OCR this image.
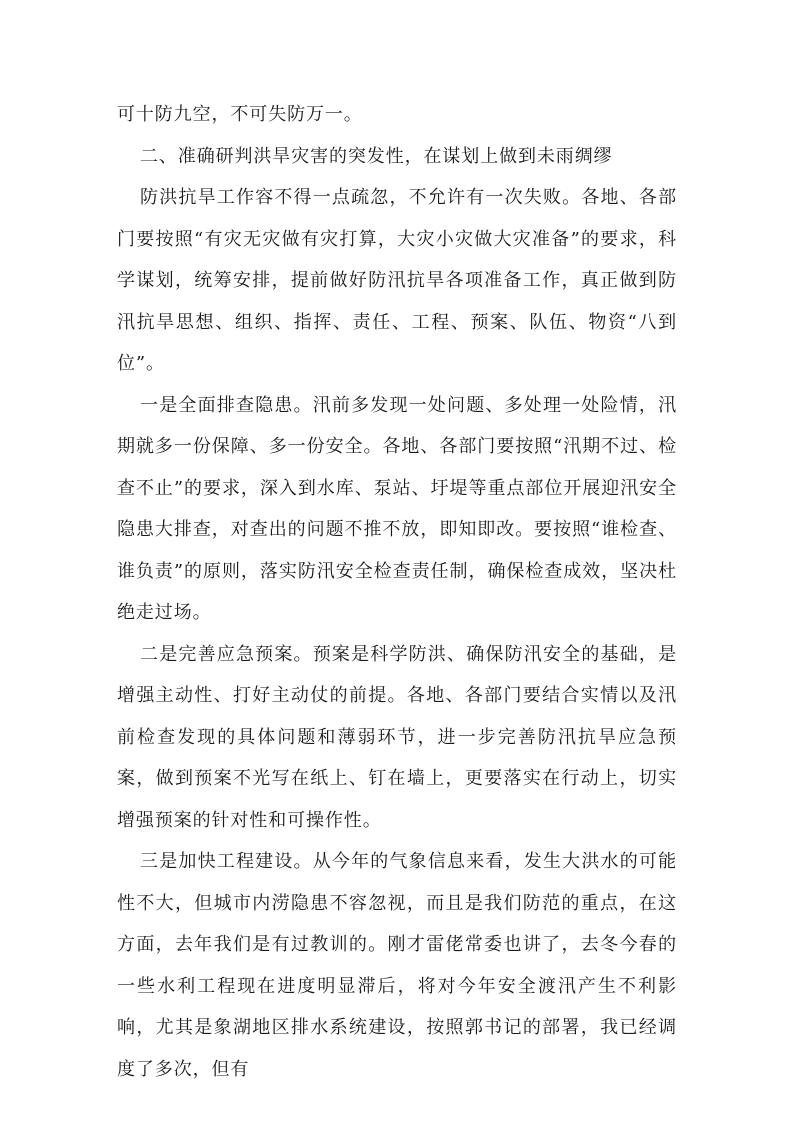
可十防九空，不可失防万一。

二、准确研判洪旱灾害的突发性，在谋划上做到未雨绸缪

防洪抗旱工作容不得一点疏忽，不允许有一次失败。各地、各部门要按照“有灾无灾做有灾打算，大灾小灾做大灾准备”的要求，科学谋划，统筹安排，提前做好防汛抗旱各项准备工作，真正做到防汛抗旱思想、组织、指挥、责任、工程、预案、队伍、物资“八到位”。

一是全面排查隐患。汛前多发现一处问题、多处理一处险情，汛期就多一份保障、多一份安全。各地、各部门要按照“汛期不过、检查不止”的要求，深入到水库、泵站、圩堤等重点部位开展迎汛安全隐患大排查，对查出的问题不推不放，即知即改。要按照“谁检查、谁负责”的原则，落实防汛安全检查责任制，确保检查成效，坚决杜绝走过场。

二是完善应急预案。预案是科学防洪、确保防汛安全的基础，是增强主动性、打好主动仗的前提。各地、各部门要结合实情以及汛前检查发现的具体问题和薄弱环节，进一步完善防汛抗旱应急预案，做到预案不光写在纸上、钉在墙上，更要落实在行动上，切实增强预案的针对性和可操作性。

三是加快工程建设。从今年的气象信息来看，发生大洪水的可能性不大，但城市内涝隐患不容忽视，而且是我们防范的重点，在这方面，去年我们是有过教训的。刚才雷佬常委也讲了，去冬今春的一些水利工程现在进度明显滞后，将对今年安全渡汛产生不利影响，尤其是象湖地区排水系统建设，按照郭书记的部署，我已经调度了多次，但有
